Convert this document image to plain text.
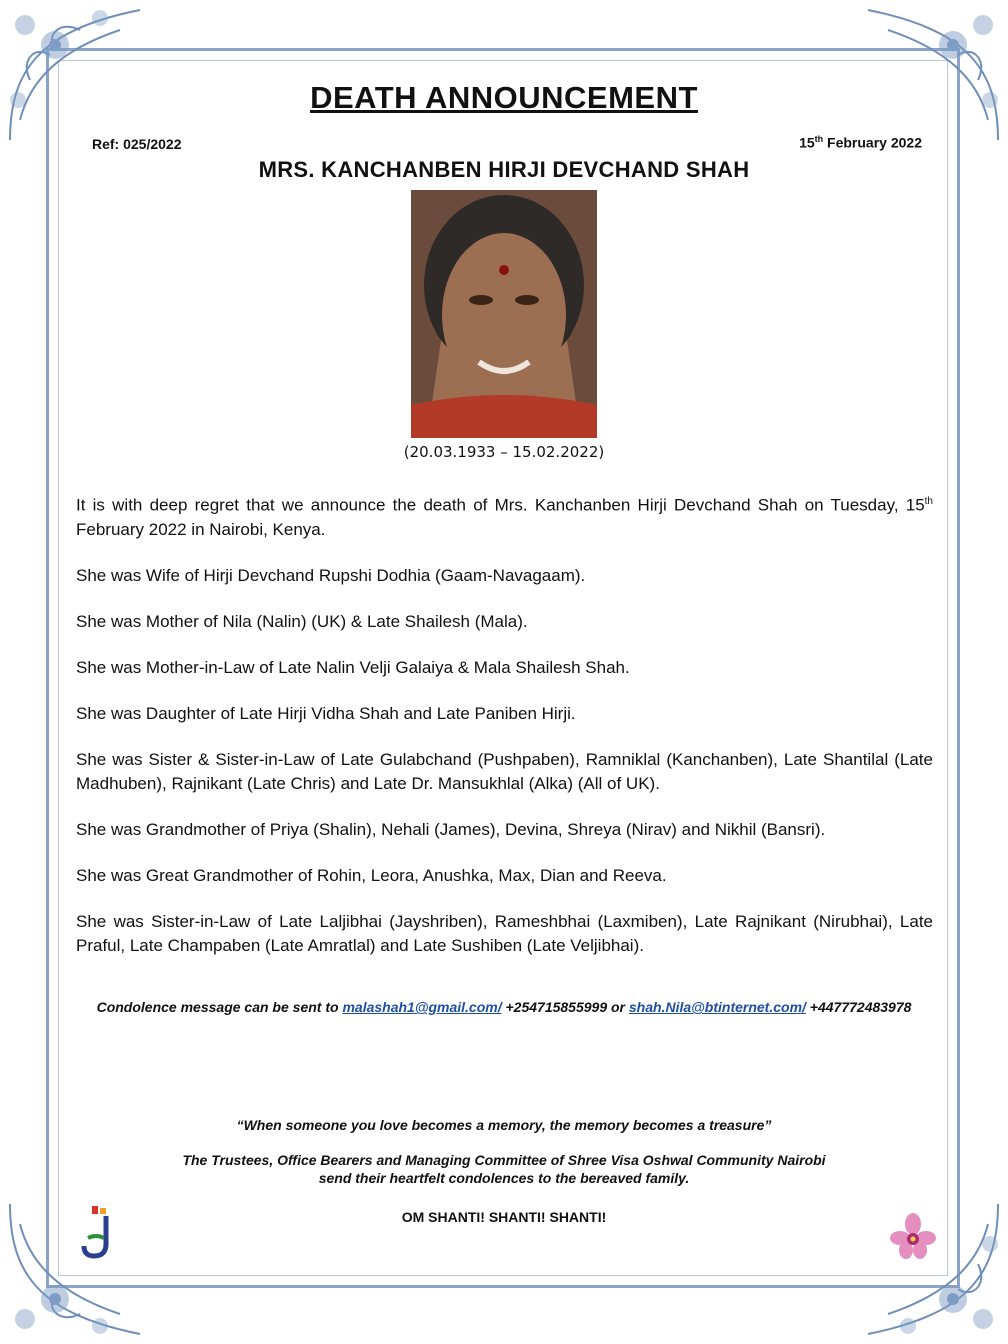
DEATH ANNOUNCEMENT
Ref: 025/2022	15th February 2022
MRS. KANCHANBEN HIRJI DEVCHAND SHAH
(20.03.1933 – 15.02.2022)

It is with deep regret that we announce the death of Mrs. Kanchanben Hirji Devchand Shah on Tuesday, 15th February 2022 in Nairobi, Kenya.

She was Wife of Hirji Devchand Rupshi Dodhia (Gaam-Navagaam).

She was Mother of Nila (Nalin) (UK) & Late Shailesh (Mala).

She was Mother-in-Law of Late Nalin Velji Galaiya & Mala Shailesh Shah.

She was Daughter of Late Hirji Vidha Shah and Late Paniben Hirji.

She was Sister & Sister-in-Law of Late Gulabchand (Pushpaben), Ramniklal (Kanchanben), Late Shantilal (Late Madhuben), Rajnikant (Late Chris) and Late Dr. Mansukhlal (Alka) (All of UK).

She was Grandmother of Priya (Shalin), Nehali (James), Devina, Shreya (Nirav) and Nikhil (Bansri).

She was Great Grandmother of Rohin, Leora, Anushka, Max, Dian and Reeva.

She was Sister-in-Law of Late Laljibhai (Jayshriben), Rameshbhai (Laxmiben), Late Rajnikant (Nirubhai), Late Praful, Late Champaben (Late Amratlal) and Late Sushiben (Late Veljibhai).

Condolence message can be sent to malashah1@gmail.com/ +254715855999 or shah.Nila@btinternet.com/ +447772483978
“When someone you love becomes a memory, the memory becomes a treasure”
The Trustees, Office Bearers and Managing Committee of Shree Visa Oshwal Community Nairobi
send their heartfelt condolences to the bereaved family.
OM SHANTI! SHANTI! SHANTI!
